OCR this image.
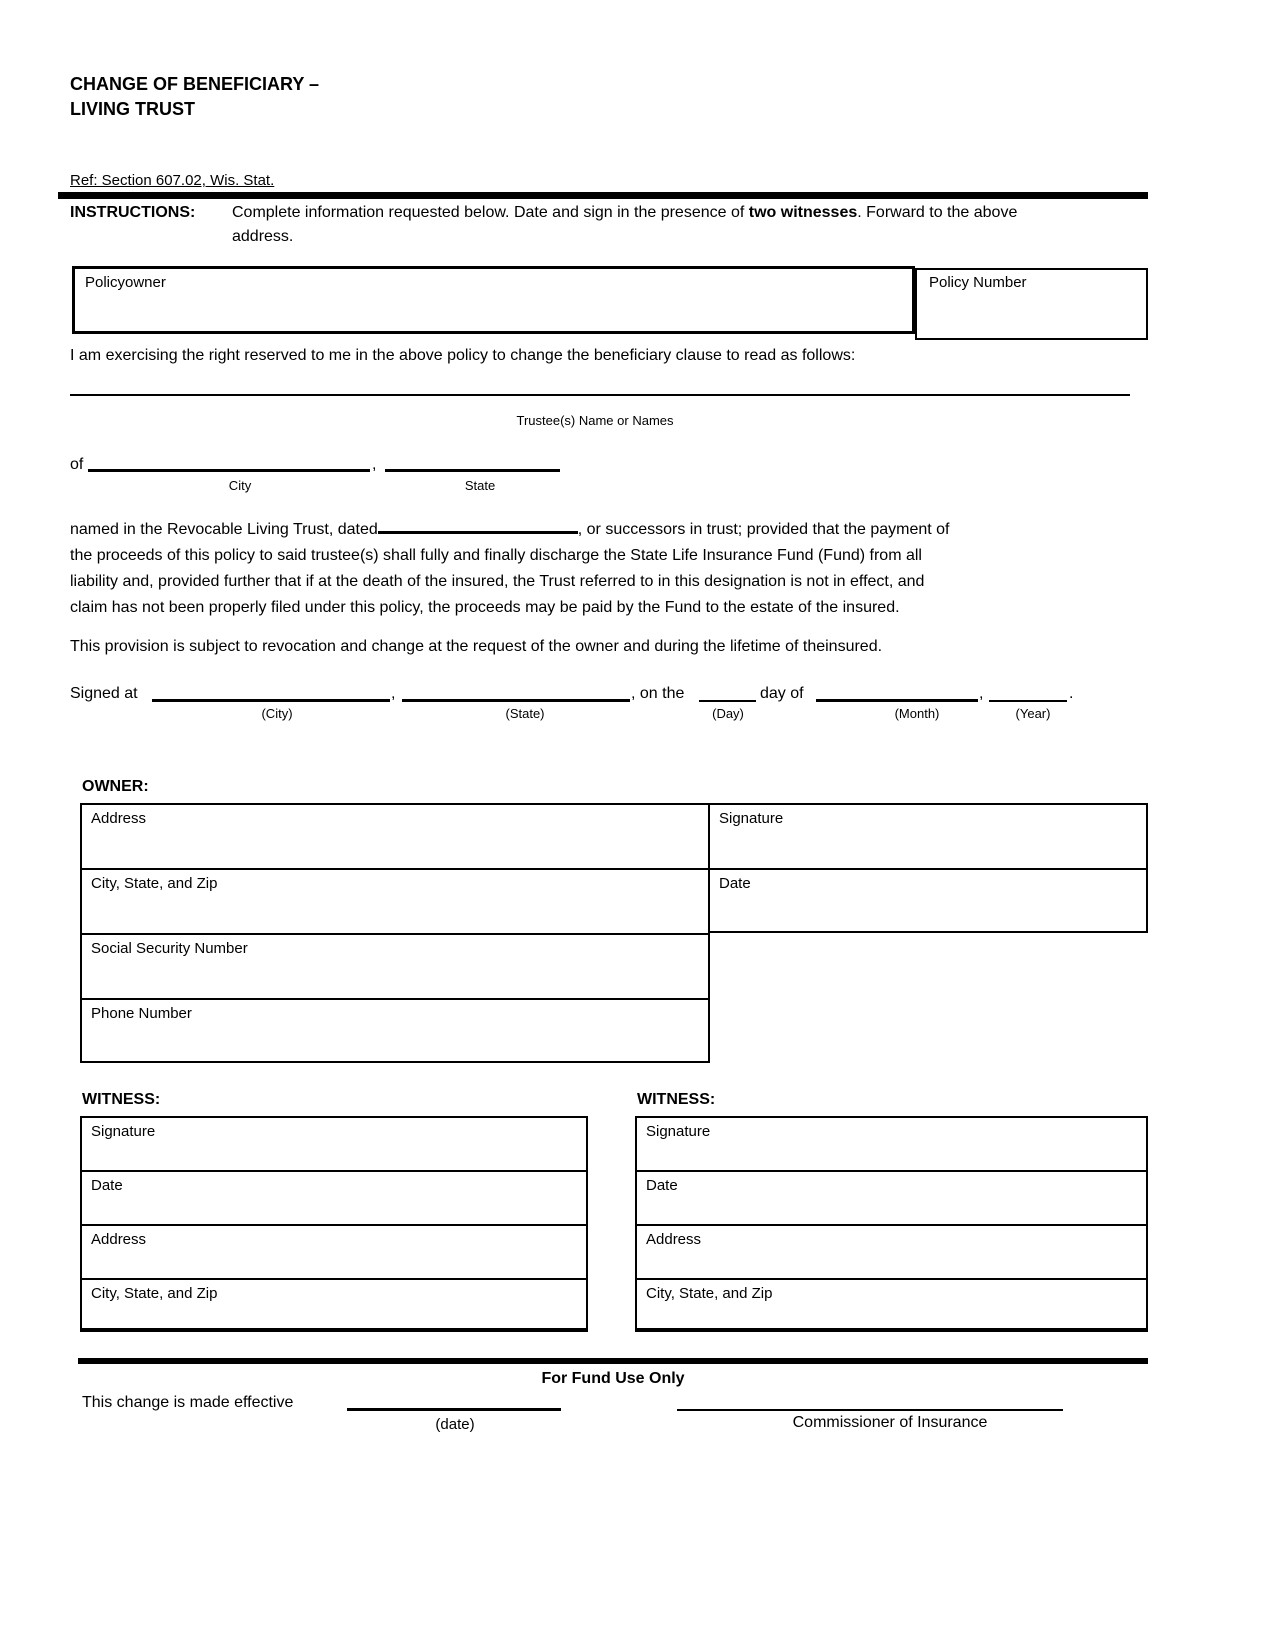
CHANGE OF BENEFICIARY –
LIVING TRUST
Ref: Section 607.02, Wis. Stat.
INSTRUCTIONS: Complete information requested below. Date and sign in the presence of two witnesses. Forward to the above
address.
Policyowner	Policy Number
I am exercising the right reserved to me in the above policy to change the beneficiary clause to read as follows:
Trustee(s) Name or Names
of	,
City	State
named in the Revocable Living Trust, dated	, or successors in trust; provided that the payment of
the proceeds of this policy to said trustee(s) shall fully and finally discharge the State Life Insurance Fund (Fund) from all
liability and, provided further that if at the death of the insured, the Trust referred to in this designation is not in effect, and
claim has not been properly filed under this policy, the proceeds may be paid by the Fund to the estate of the insured.
This provision is subject to revocation and change at the request of the owner and during the lifetime of theinsured.
Signed at	,	, on the	day of	,	.
(City)	(State)	(Day)	(Month)	(Year)
OWNER:
Address
City, State, and Zip
Social Security Number
Phone Number
Signature
Date
WITNESS:
Signature
Date
Address
City, State, and Zip
WITNESS:
Signature
Date
Address
City, State, and Zip
For Fund Use Only
This change is made effective
(date)	Commissioner of Insurance
